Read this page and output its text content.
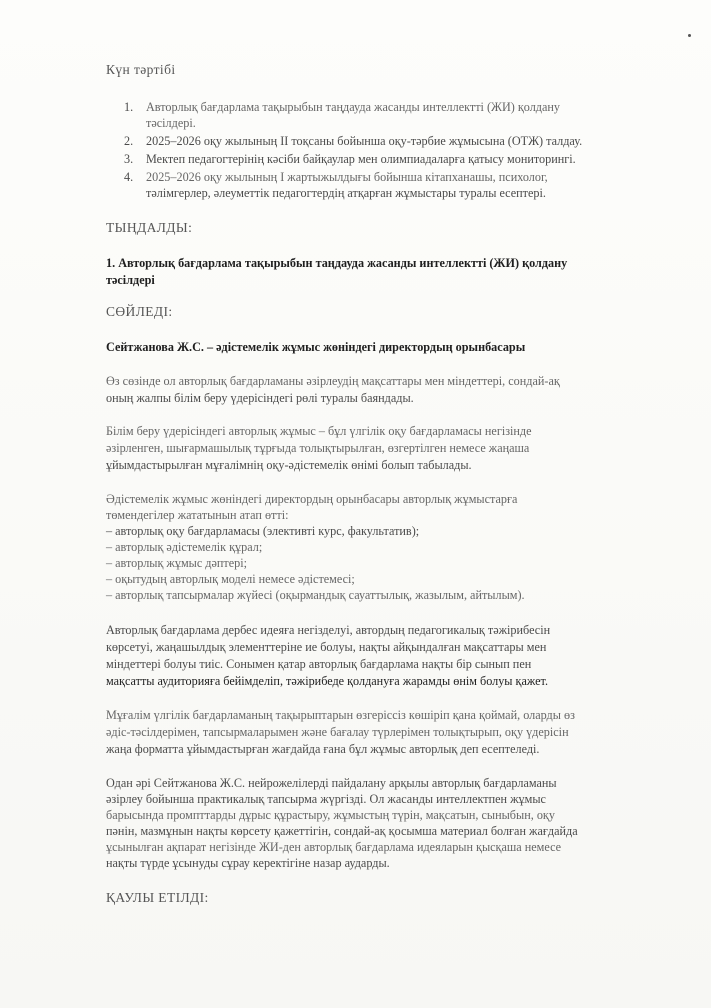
Күн тәртібі
1. Авторлық бағдарлама тақырыбын таңдауда жасанды интеллектті (ЖИ) қолдану
тәсілдері.
2. 2025–2026 оқу жылының II тоқсаны бойынша оқу-тәрбие жұмысына (ОТЖ) талдау.
3. Мектеп педагогтерінің кәсіби байқаулар мен олимпиадаларға қатысу мониторингі.
4. 2025–2026 оқу жылының І жартыжылдығы бойынша кітапханашы, психолог,
тәлімгерлер, әлеуметтік педагогтердің атқарған жұмыстары туралы есептері.
ТЫҢДАЛДЫ:
1. Авторлық бағдарлама тақырыбын таңдауда жасанды интеллектті (ЖИ) қолдану
тәсілдері
СӨЙЛЕДІ:
Сейтжанова Ж.С. – әдістемелік жұмыс жөніндегі директордың орынбасары
Өз сөзінде ол авторлық бағдарламаны әзірлеудің мақсаттары мен міндеттері, сондай-ақ
оның жалпы білім беру үдерісіндегі рөлі туралы баяндады.
Білім беру үдерісіндегі авторлық жұмыс – бұл үлгілік оқу бағдарламасы негізінде
әзірленген, шығармашылық тұрғыда толықтырылған, өзгертілген немесе жаңаша
ұйымдастырылған мұғалімнің оқу-әдістемелік өнімі болып табылады.
Әдістемелік жұмыс жөніндегі директордың орынбасары авторлық жұмыстарға
төмендегілер жататынын атап өтті:
– авторлық оқу бағдарламасы (элективті курс, факультатив);
– авторлық әдістемелік құрал;
– авторлық жұмыс дәптері;
– оқытудың авторлық моделі немесе әдістемесі;
– авторлық тапсырмалар жүйесі (оқырмандық сауаттылық, жазылым, айтылым).
Авторлық бағдарлама дербес идеяға негізделуі, автордың педагогикалық тәжірибесін
көрсетуі, жаңашылдық элементтеріне ие болуы, нақты айқындалған мақсаттары мен
міндеттері болуы тиіс. Сонымен қатар авторлық бағдарлама нақты бір сынып пен
мақсатты аудиторияға бейімделіп, тәжірибеде қолдануға жарамды өнім болуы қажет.
Мұғалім үлгілік бағдарламаның тақырыптарын өзгеріссіз көшіріп қана қоймай, оларды өз
әдіс-тәсілдерімен, тапсырмаларымен және бағалау түрлерімен толықтырып, оқу үдерісін
жаңа форматта ұйымдастырған жағдайда ғана бұл жұмыс авторлық деп есептеледі.
Одан әрі Сейтжанова Ж.С. нейрожелілерді пайдалану арқылы авторлық бағдарламаны
әзірлеу бойынша практикалық тапсырма жүргізді. Ол жасанды интеллектпен жұмыс
барысында промпттарды дұрыс құрастыру, жұмыстың түрін, мақсатын, сыныбын, оқу
пәнін, мазмұнын нақты көрсету қажеттігін, сондай-ақ қосымша материал болған жағдайда
ұсынылған ақпарат негізінде ЖИ-ден авторлық бағдарлама идеяларын қысқаша немесе
нақты түрде ұсынуды сұрау керектігіне назар аударды.
ҚАУЛЫ ЕТІЛДІ:
